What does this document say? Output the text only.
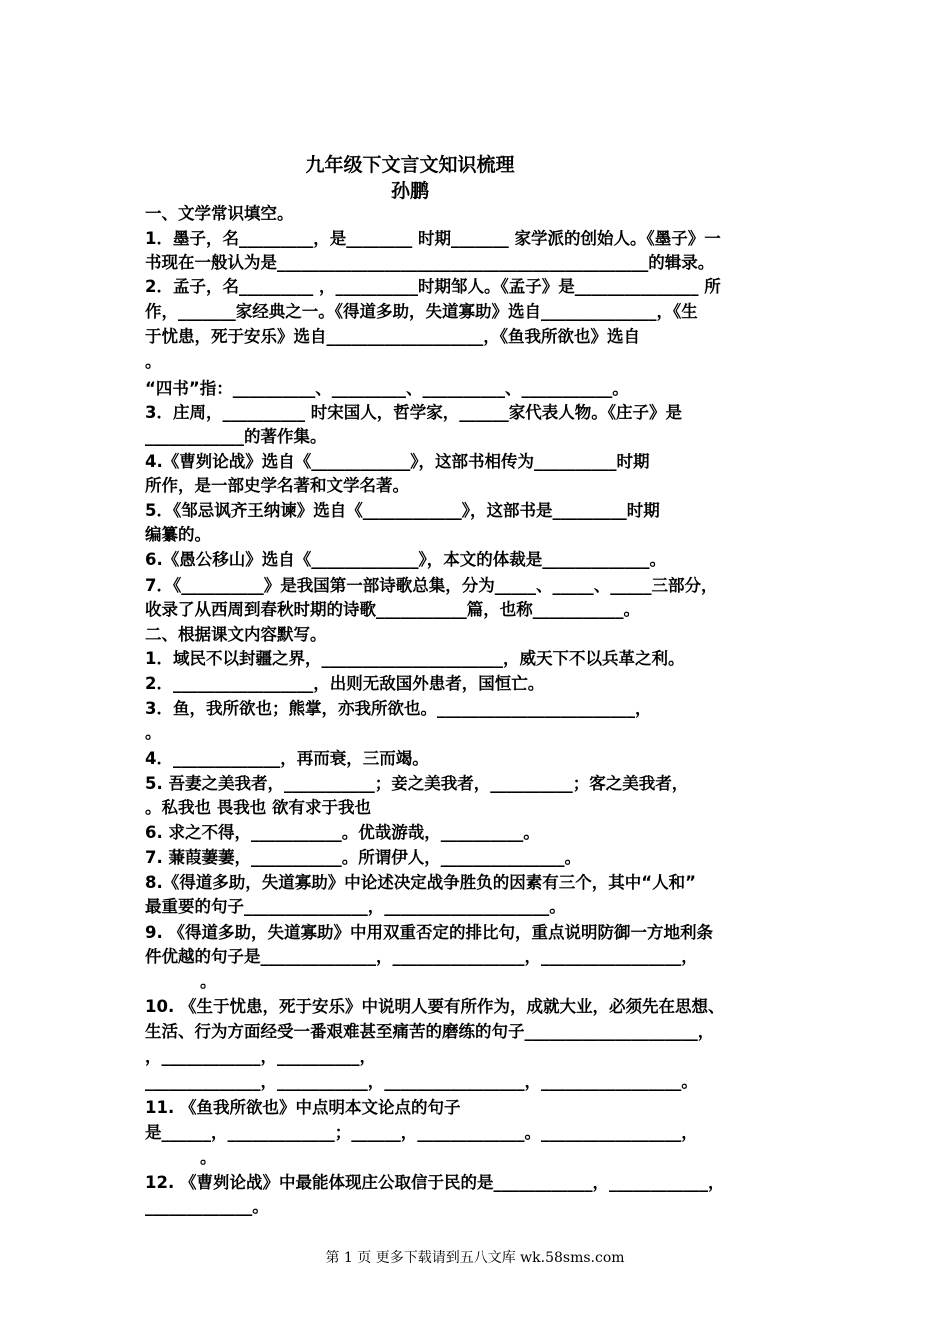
九年级下文言文知识梳理
孙鹏
一、文学常识填空。
1．墨子，名_________，是________ 时期_______ 家学派的创始人。《墨子》一
书现在一般认为是_____________________________________________的辑录。
2．孟子，名_________ ，__________时期邹人。《孟子》是_______________ 所
作，_______家经典之一。《得道多助，失道寡助》选自______________，《生
于忧患，死于安乐》选自___________________，《鱼我所欲也》选自
。
“四书”指：__________、_________、__________、___________。
3．庄周，__________ 时宋国人，哲学家，______家代表人物。《庄子》是
____________的著作集。
4.《曹刿论战》选自《____________》，这部书相传为__________时期
所作，是一部史学名著和文学名著。
5．《邹忌讽齐王纳谏》选自《____________》，这部书是_________时期
编纂的。
6.《愚公移山》选自《_____________》，本文的体裁是_____________。
7．《__________》是我国第一部诗歌总集，分为_____、_____、_____三部分，
收录了从西周到春秋时期的诗歌___________篇，也称___________。
二、根据课文内容默写。
1．域民不以封疆之界，______________________，威天下不以兵革之利。
2．_________________，出则无敌国外患者，国恒亡。
3．鱼，我所欲也；熊掌，亦我所欲也。________________________，
。
4．_____________，再而衰，三而竭。
5. 吾妻之美我者，___________；妾之美我者，__________；客之美我者，
。私我也 畏我也 欲有求于我也
6. 求之不得，___________。优哉游哉，__________。
7. 蒹葭萋萋，___________。所谓伊人，_______________。
8.《得道多助，失道寡助》中论述决定战争胜负的因素有三个，其中“人和”
最重要的句子_______________，____________________。
9. 《得道多助，失道寡助》中用双重否定的排比句，重点说明防御一方地利条
件优越的句子是______________，________________，_________________，
。
10. 《生于忧患，死于安乐》中说明人要有所作为，成就大业，必须先在思想、
生活、行为方面经受一番艰难甚至痛苦的磨练的句子_____________________，
，____________，__________，
______________，___________，_________________，_________________。
11. 《鱼我所欲也》中点明本文论点的句子
是______，_____________；______，_____________。_________________，
。
12. 《曹刿论战》中最能体现庄公取信于民的是____________，____________，
_____________。
第 1 页 更多下载请到五八文库 wk.58sms.com
